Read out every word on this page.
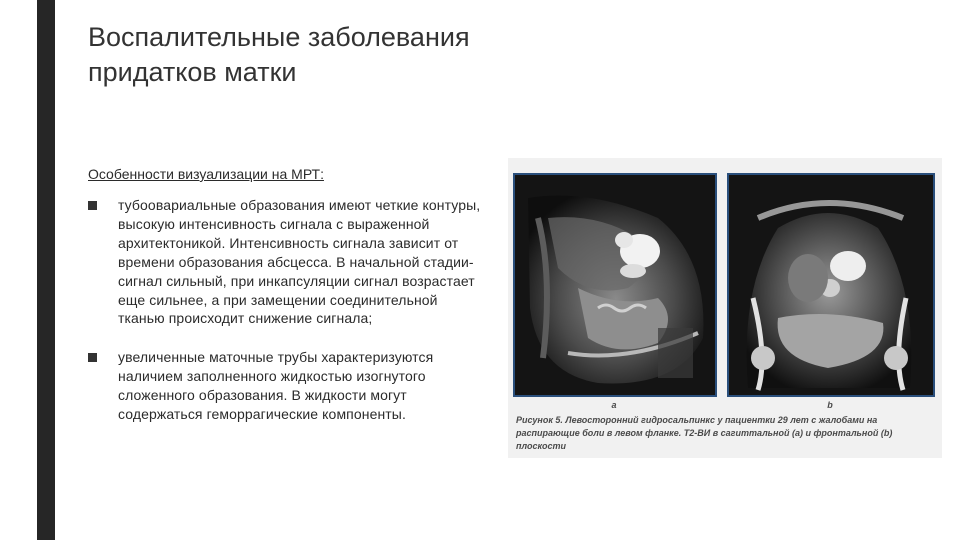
Воспалительные заболевания придатков матки

Особенности визуализации на МРТ:

тубоовариальные образования имеют четкие контуры, высокую интенсивность сигнала с выраженной архитектоникой. Интенсивность сигнала зависит от времени образования абсцесса. В начальной стадии- сигнал сильный, при инкапсуляции сигнал возрастает еще сильнее, а при замещении соединительной тканью происходит снижение сигнала;
увеличенные маточные трубы характеризуются наличием заполненного жидкостью изогнутого сложенного образования. В жидкости могут содержаться геморрагические компоненты.
a	b

Рисунок 5. Левосторонний гидросальпинкс у пациентки 29 лет с жалобами на распирающие боли в левом фланке. T2-ВИ в сагиттальной (a) и фронтальной (b) плоскости
